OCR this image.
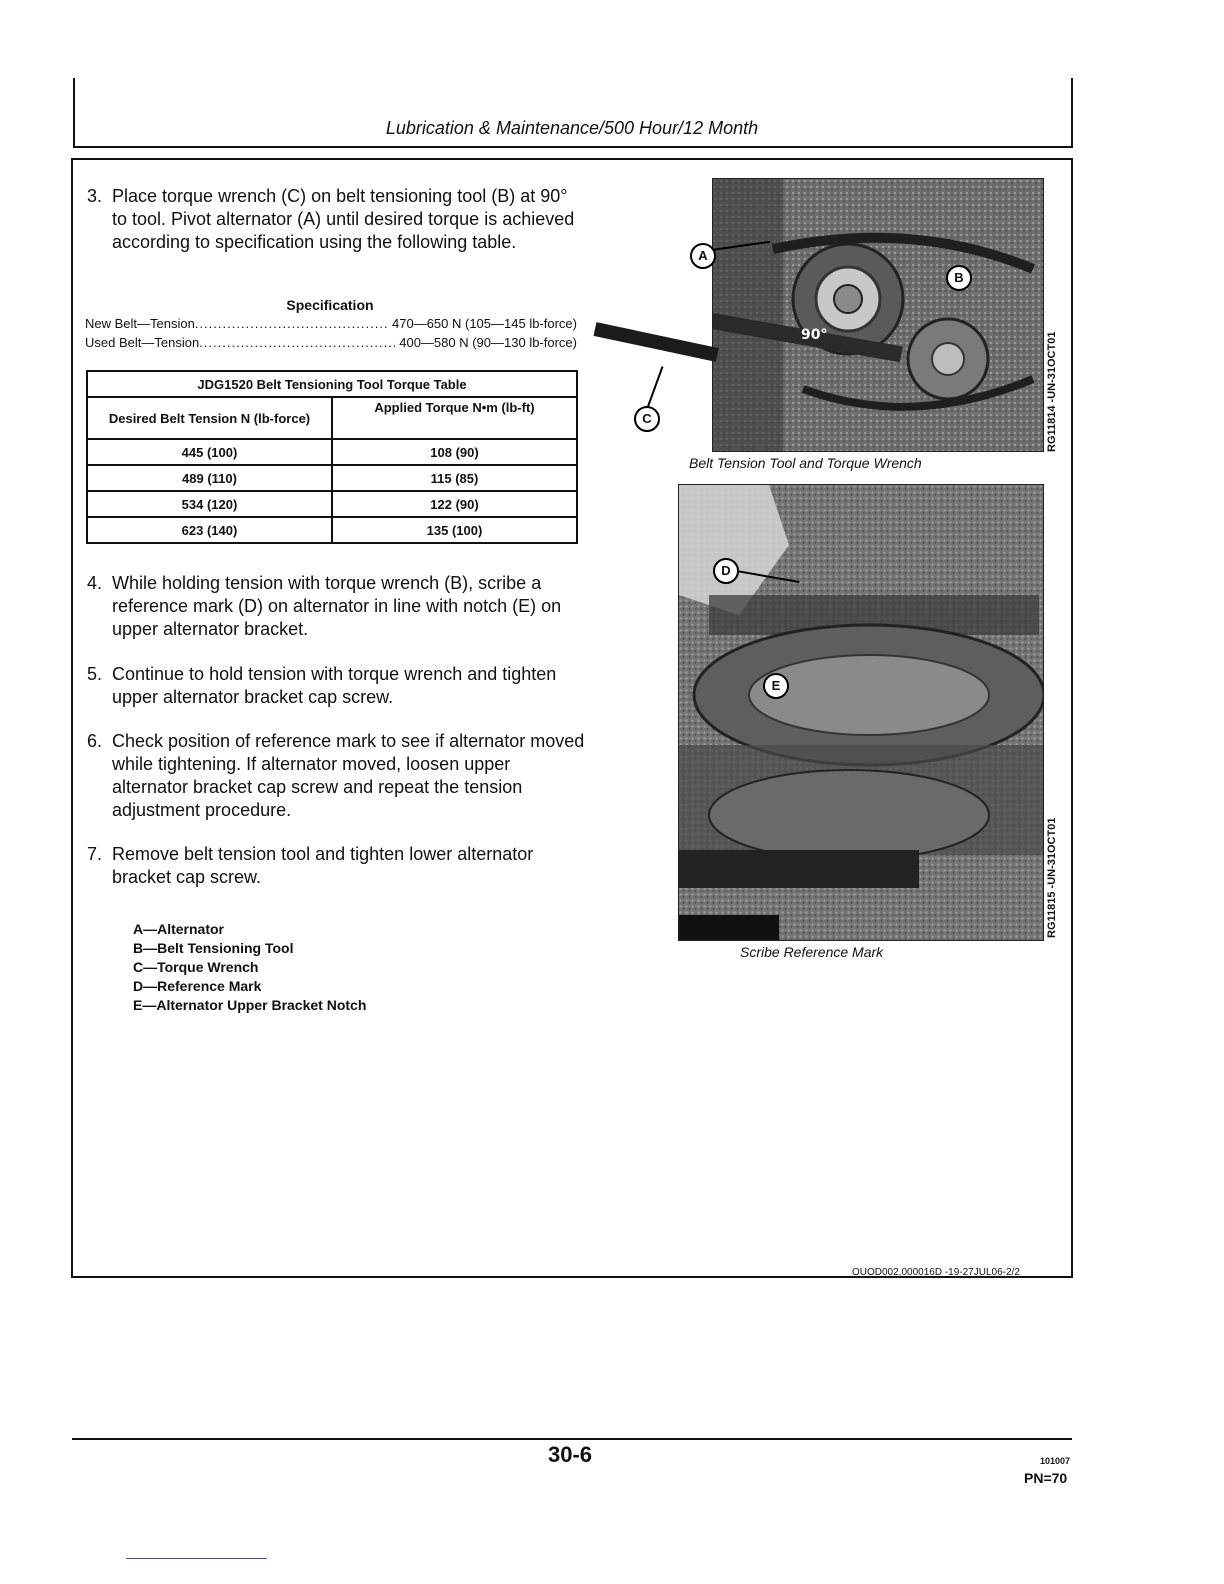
Lubrication & Maintenance/500 Hour/12 Month
3. Place torque wrench (C) on belt tensioning tool (B) at 90° to tool. Pivot alternator (A) until desired torque is achieved according to specification using the following table.
Specification
New Belt—Tension .....	470—650 N (105—145 lb-force)
Used Belt—Tension .....	400—580 N (90—130 lb-force)
JDG1520 Belt Tensioning Tool Torque Table	
Desired Belt Tension N (lb-force)	Applied Torque N•m (lb-ft)
445 (100)	108 (90)
489 (110)	115 (85)
534 (120)	122 (90)
623 (140)	135 (100)
4. While holding tension with torque wrench (B), scribe a reference mark (D) on alternator in line with notch (E) on upper alternator bracket.
5. Continue to hold tension with torque wrench and tighten upper alternator bracket cap screw.
6. Check position of reference mark to see if alternator moved while tightening. If alternator moved, loosen upper alternator bracket cap screw and repeat the tension adjustment procedure.
7. Remove belt tension tool and tighten lower alternator bracket cap screw.
A—Alternator
B—Belt Tensioning Tool
C—Torque Wrench
D—Reference Mark
E—Alternator Upper Bracket Notch
90°
A
B
C	RG11814 -UN-31OCT01
Belt Tension Tool and Torque Wrench
D
E
RG11815 -UN-31OCT01
Scribe Reference Mark
OUOD002,000016D -19-27JUL06-2/2
30-6	101007
PN=70
